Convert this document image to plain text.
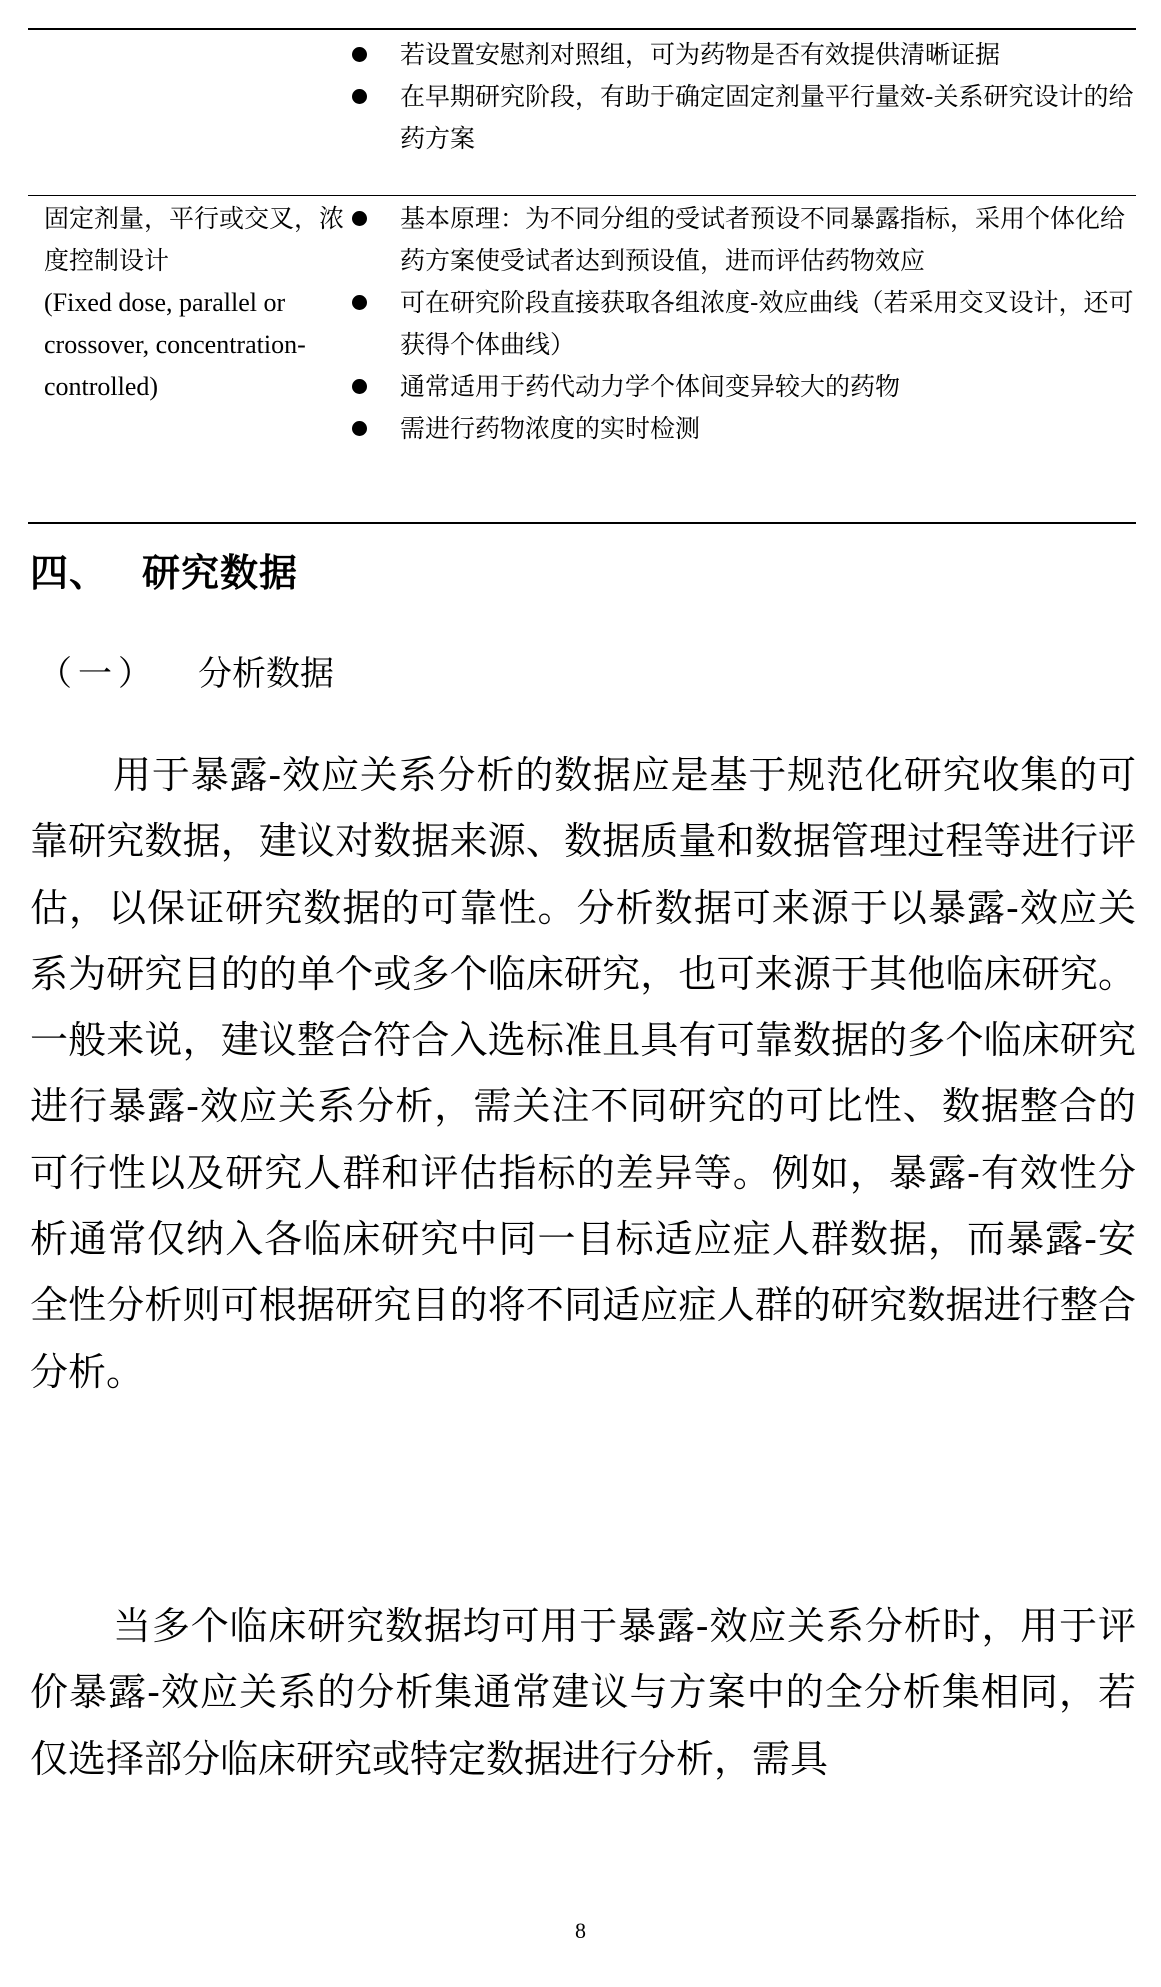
若设置安慰剂对照组，可为药物是否有效提供清晰证据
在早期研究阶段，有助于确定固定剂量平行量效-关系研究设计的给药方案
固定剂量，平行或交叉，浓度控制设计
(Fixed dose, parallel or crossover, concentration-controlled)
基本原理：为不同分组的受试者预设不同暴露指标，采用个体化给药方案使受试者达到预设值，进而评估药物效应
可在研究阶段直接获取各组浓度-效应曲线（若采用交叉设计，还可获得个体曲线）
通常适用于药代动力学个体间变异较大的药物
需进行药物浓度的实时检测
四、 研究数据
（一） 分析数据

用于暴露-效应关系分析的数据应是基于规范化研究收集的可靠研究数据，建议对数据来源、数据质量和数据管理过程等进行评估，以保证研究数据的可靠性。分析数据可来源于以暴露-效应关系为研究目的的单个或多个临床研究，也可来源于其他临床研究。一般来说，建议整合符合入选标准且具有可靠数据的多个临床研究进行暴露-效应关系分析，需关注不同研究的可比性、数据整合的可行性以及研究人群和评估指标的差异等。例如，暴露-有效性分析通常仅纳入各临床研究中同一目标适应症人群数据，而暴露-安全性分析则可根据研究目的将不同适应症人群的研究数据进行整合分析。

当多个临床研究数据均可用于暴露-效应关系分析时，用于评价暴露-效应关系的分析集通常建议与方案中的全分析集相同，若仅选择部分临床研究或特定数据进行分析，需具

8
